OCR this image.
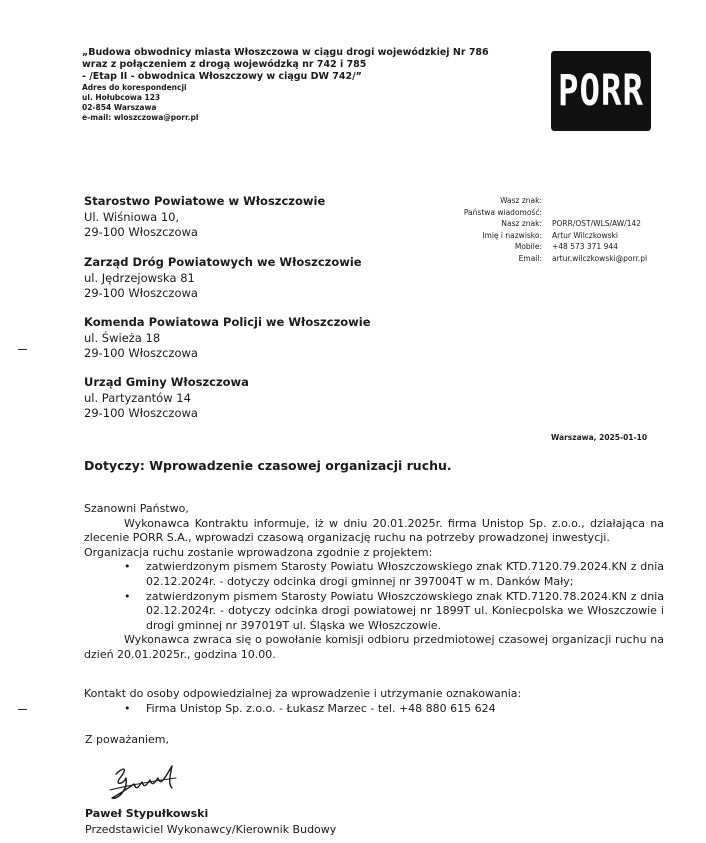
„Budowa obwodnicy miasta Włoszczowa w ciągu drogi wojewódzkiej Nr 786
wraz z połączeniem z drogą wojewódzką nr 742 i 785
- /Etap II - obwodnica Włoszczowy w ciągu DW 742/”
Adres do korespondencji
ul. Hołubcowa 123
02-854 Warszawa
e-mail: wloszczowa@porr.pl
PORR
Starostwo Powiatowe w Włoszczowie
Ul. Wiśniowa 10,
29-100 Włoszczowa
Zarząd Dróg Powiatowych we Włoszczowie
ul. Jędrzejowska 81
29-100 Włoszczowa
Komenda Powiatowa Policji we Włoszczowie
ul. Świeża 18
29-100 Włoszczowa
Urząd Gminy Włoszczowa
ul. Partyzantów 14
29-100 Włoszczowa
Wasz znak:
Państwa wiadomość:
Nasz znak:	PORR/OST/WLS/AW/142
Imię i nazwisko:	Artur Wilczkowski
Mobile:	+48 573 371 944
Email:	artur.wilczkowski@porr.pl
Warszawa, 2025-01-10
Dotyczy: Wprowadzenie czasowej organizacji ruchu.

Szanowni Państwo,

Wykonawca Kontraktu informuje, iż w dniu 20.01.2025r. firma Unistop Sp. z.o.o., działająca na zlecenie PORR S.A., wprowadzi czasową organizację ruchu na potrzeby prowadzonej inwestycji.

Organizacja ruchu zostanie wprowadzona zgodnie z projektem:

• zatwierdzonym pismem Starosty Powiatu Włoszczowskiego znak KTD.7120.79.2024.KN z dnia 02.12.2024r. - dotyczy odcinka drogi gminnej nr 397004T w m. Danków Mały;
• zatwierdzonym pismem Starosty Powiatu Włoszczowskiego znak KTD.7120.78.2024.KN z dnia 02.12.2024r. - dotyczy odcinka drogi powiatowej nr 1899T ul. Koniecpolska we Włoszczowie i drogi gminnej nr 397019T ul. Śląska we Włoszczowie.

Wykonawca zwraca się o powołanie komisji odbioru przedmiotowej czasowej organizacji ruchu na dzień 20.01.2025r., godzina 10.00.

Kontakt do osoby odpowiedzialnej za wprowadzenie i utrzymanie oznakowania:
• Firma Unistop Sp. z.o.o. - Łukasz Marzec - tel. +48 880 615 624
Z poważaniem,
Paweł Stypułkowski
Przedstawiciel Wykonawcy/Kierownik Budowy
